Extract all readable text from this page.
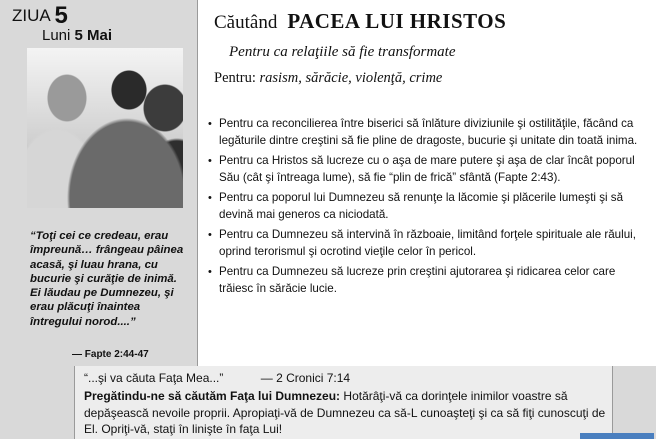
ZIUA 5
Luni 5 Mai
“Toţi cei ce credeau, erau împreună… frângeau pâinea acasă, şi luau hrana, cu bucurie şi curăţie de inimă. Ei lăudau pe Dumnezeu, şi erau plăcuţi înaintea întregului norod....”
— Fapte 2:44-47
Căutând PACEA LUI HRISTOS
Pentru ca relaţiile să fie transformate
Pentru: rasism, sărăcie, violenţă, crime
• Pentru ca reconcilierea între biserici să înlăture diviziunile şi ostilităţile, făcând ca legăturile dintre creştini să fie pline de dragoste, bucurie şi unitate din toată inima.
• Pentru ca Hristos să lucreze cu o aşa de mare putere şi aşa de clar încât poporul Său (cât şi întreaga lume), să fie “plin de frică” sfântă (Fapte 2:43).
• Pentru ca poporul lui Dumnezeu să renunţe la lăcomie şi plăcerile lumeşti şi să devină mai generos ca niciodată.
• Pentru ca Dumnezeu să intervină în războaie, limitând forţele spirituale ale răului, oprind terorismul şi ocrotind vieţile celor în pericol.
• Pentru ca Dumnezeu să lucreze prin creştini ajutorarea şi ridicarea celor care trăiesc în sărăcie lucie.
“...şi va căuta Faţa Mea...”	— 2 Cronici 7:14
Pregătindu-ne să căutăm Faţa lui Dumnezeu: Hotărâţi-vă ca dorinţele inimilor voastre să depăşească nevoile proprii. Apropiaţi-vă de Dumnezeu ca să-L cunoaşteţi şi ca să fiţi cunoscuţi de El. Opriţi-vă, staţi în linişte în faţa Lui!
